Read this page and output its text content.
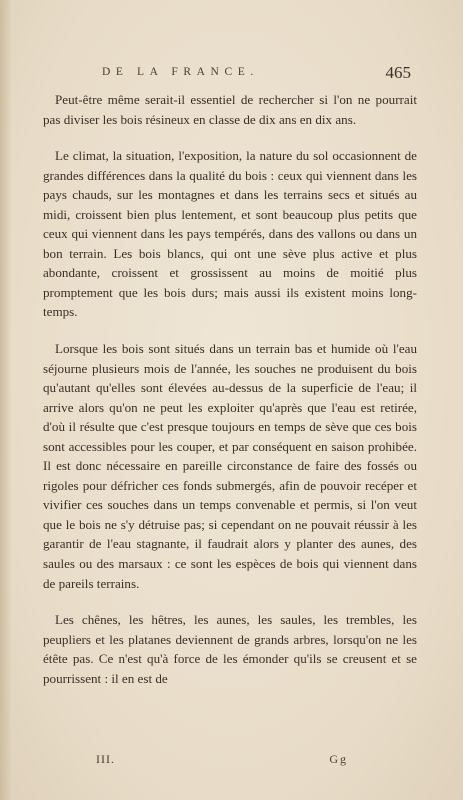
DE LA FRANCE.	465

Peut-être même serait-il essentiel de rechercher si l'on ne pourrait pas diviser les bois résineux en classe de dix ans en dix ans.

Le climat, la situation, l'exposition, la nature du sol occasionnent de grandes différences dans la qualité du bois : ceux qui viennent dans les pays chauds, sur les montagnes et dans les terrains secs et situés au midi, croissent bien plus lentement, et sont beaucoup plus petits que ceux qui viennent dans les pays tempérés, dans des vallons ou dans un bon terrain. Les bois blancs, qui ont une sève plus active et plus abondante, croissent et grossissent au moins de moitié plus promptement que les bois durs; mais aussi ils existent moins long-temps.

Lorsque les bois sont situés dans un terrain bas et humide où l'eau séjourne plusieurs mois de l'année, les souches ne produisent du bois qu'autant qu'elles sont élevées au-dessus de la superficie de l'eau; il arrive alors qu'on ne peut les exploiter qu'après que l'eau est retirée, d'où il résulte que c'est presque toujours en temps de sève que ces bois sont accessibles pour les couper, et par conséquent en saison prohibée. Il est donc nécessaire en pareille circonstance de faire des fossés ou rigoles pour défricher ces fonds submergés, afin de pouvoir recéper et vivifier ces souches dans un temps convenable et permis, si l'on veut que le bois ne s'y détruise pas; si cependant on ne pouvait réussir à les garantir de l'eau stagnante, il faudrait alors y planter des aunes, des saules ou des marsaux : ce sont les espèces de bois qui viennent dans de pareils terrains.

Les chênes, les hêtres, les aunes, les saules, les trembles, les peupliers et les platanes deviennent de grands arbres, lorsqu'on ne les étête pas. Ce n'est qu'à force de les émonder qu'ils se creusent et se pourrissent : il en est de

III.	Gg
